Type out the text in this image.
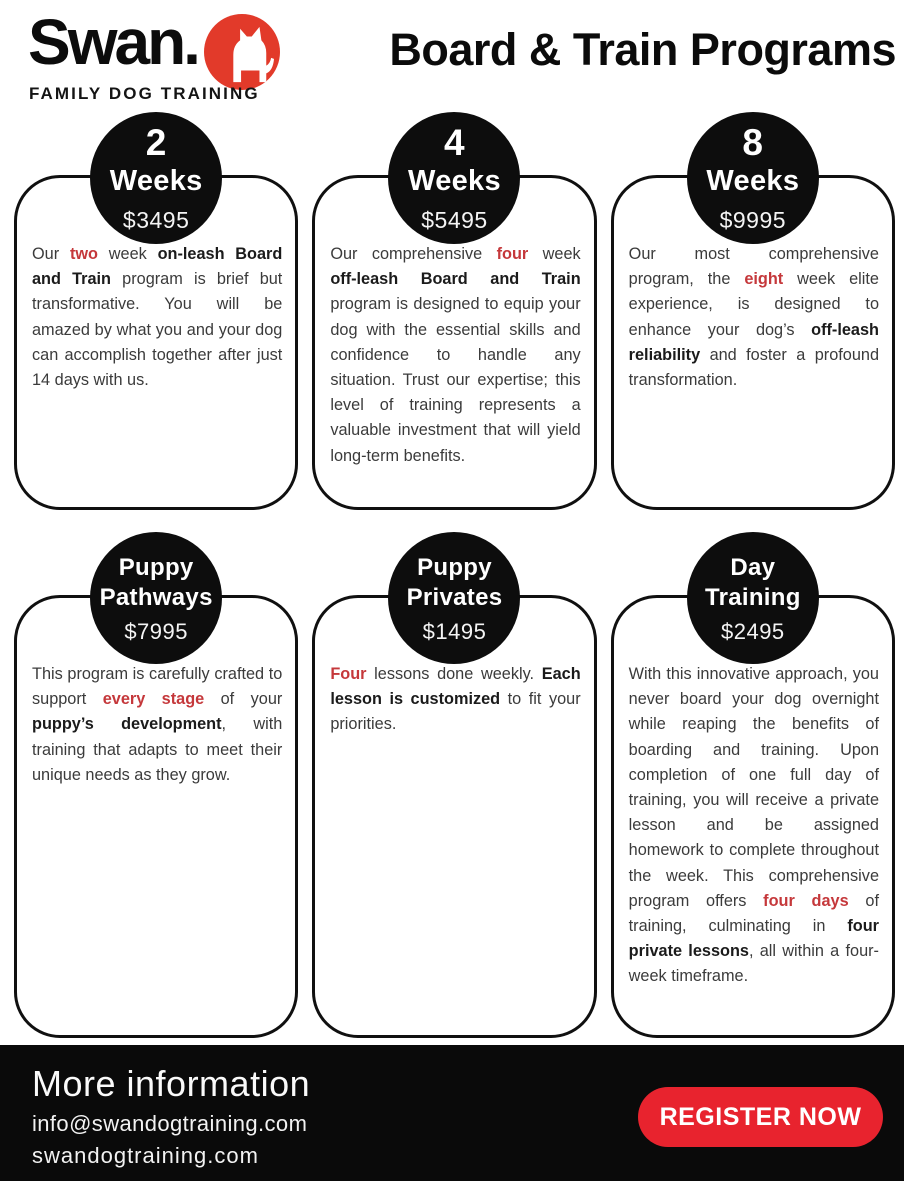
Swan.
FAMILY DOG TRAINING
Board & Train Programs
2
Weeks
$3495

Our two week on-leash Board and Train program is brief but transformative. You will be amazed by what you and your dog can accomplish together after just 14 days with us.

4
Weeks
$5495

Our comprehensive four week off-leash Board and Train program is designed to equip your dog with the essential skills and confidence to handle any situation. Trust our expertise; this level of training represents a valuable investment that will yield long-term benefits.

8
Weeks
$9995

Our most comprehensive program, the eight week elite experience, is designed to enhance your dog’s off-leash reliability and foster a profound transformation.

Puppy
Pathways
$7995

This program is carefully crafted to support every stage of your puppy’s development, with training that adapts to meet their unique needs as they grow.

Puppy
Privates
$1495

Four lessons done weekly. Each lesson is customized to fit your priorities.

Day
Training
$2495

With this innovative approach, you never board your dog overnight while reaping the benefits of boarding and training. Upon completion of one full day of training, you will receive a private lesson and be assigned homework to complete throughout the week. This comprehensive program offers four days of training, culminating in four private lessons, all within a four-week timeframe.

More information
info@swandogtraining.com
swandogtraining.com
REGISTER NOW
